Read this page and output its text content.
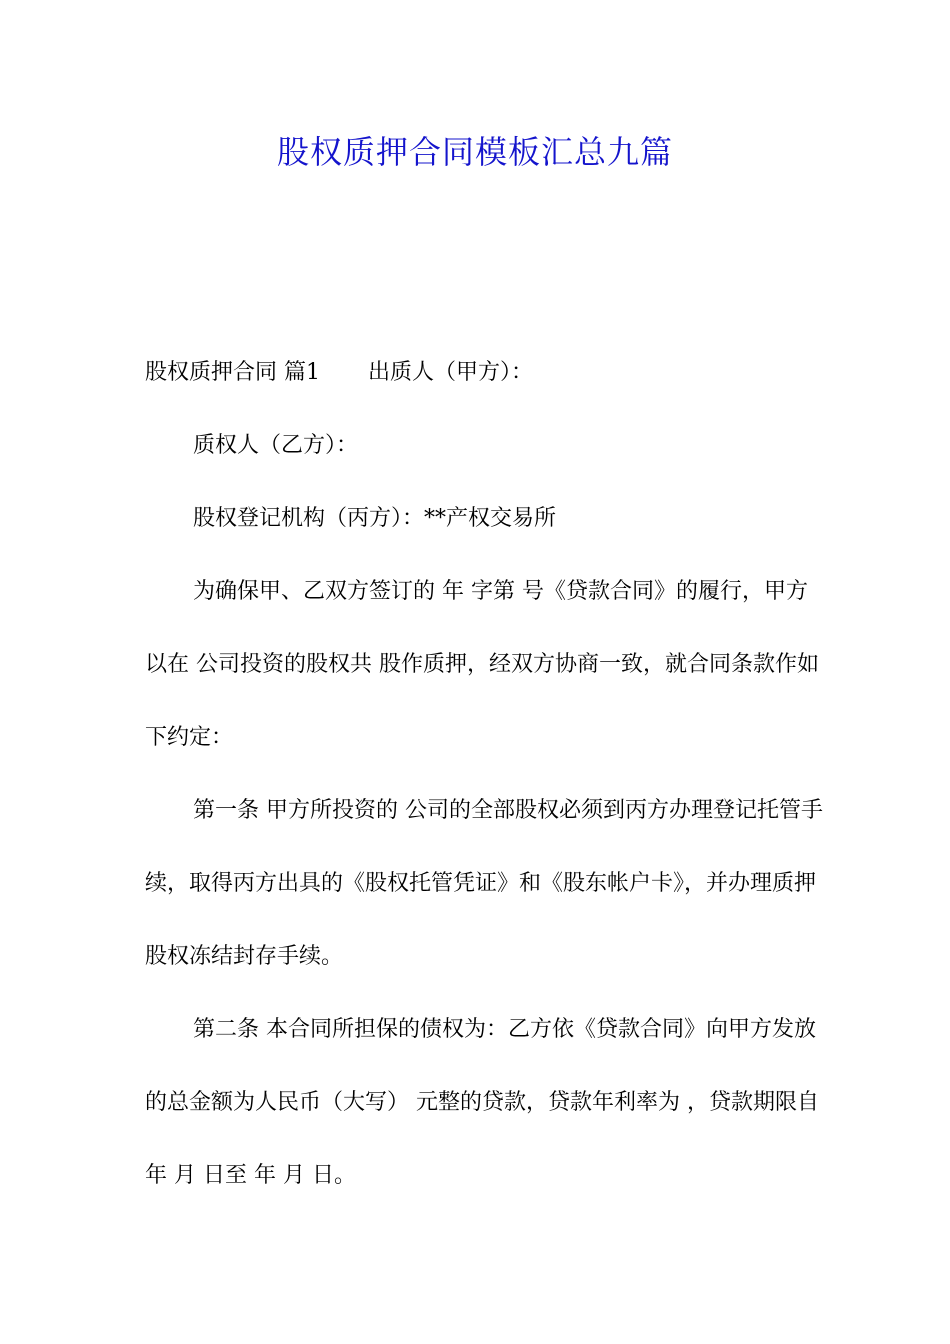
股权质押合同模板汇总九篇

股权质押合同 篇1 出质人（甲方）：

质权人（乙方）：

股权登记机构（丙方）：**产权交易所

为确保甲、乙双方签订的 年 字第 号《贷款合同》的履行，甲方以在 公司投资的股权共 股作质押，经双方协商一致，就合同条款作如下约定：

第一条 甲方所投资的 公司的全部股权必须到丙方办理登记托管手续，取得丙方出具的《股权托管凭证》和《股东帐户卡》，并办理质押股权冻结封存手续。

第二条 本合同所担保的债权为：乙方依《贷款合同》向甲方发放的总金额为人民币（大写） 元整的贷款，贷款年利率为 ，贷款期限自 年 月 日至 年 月 日。
